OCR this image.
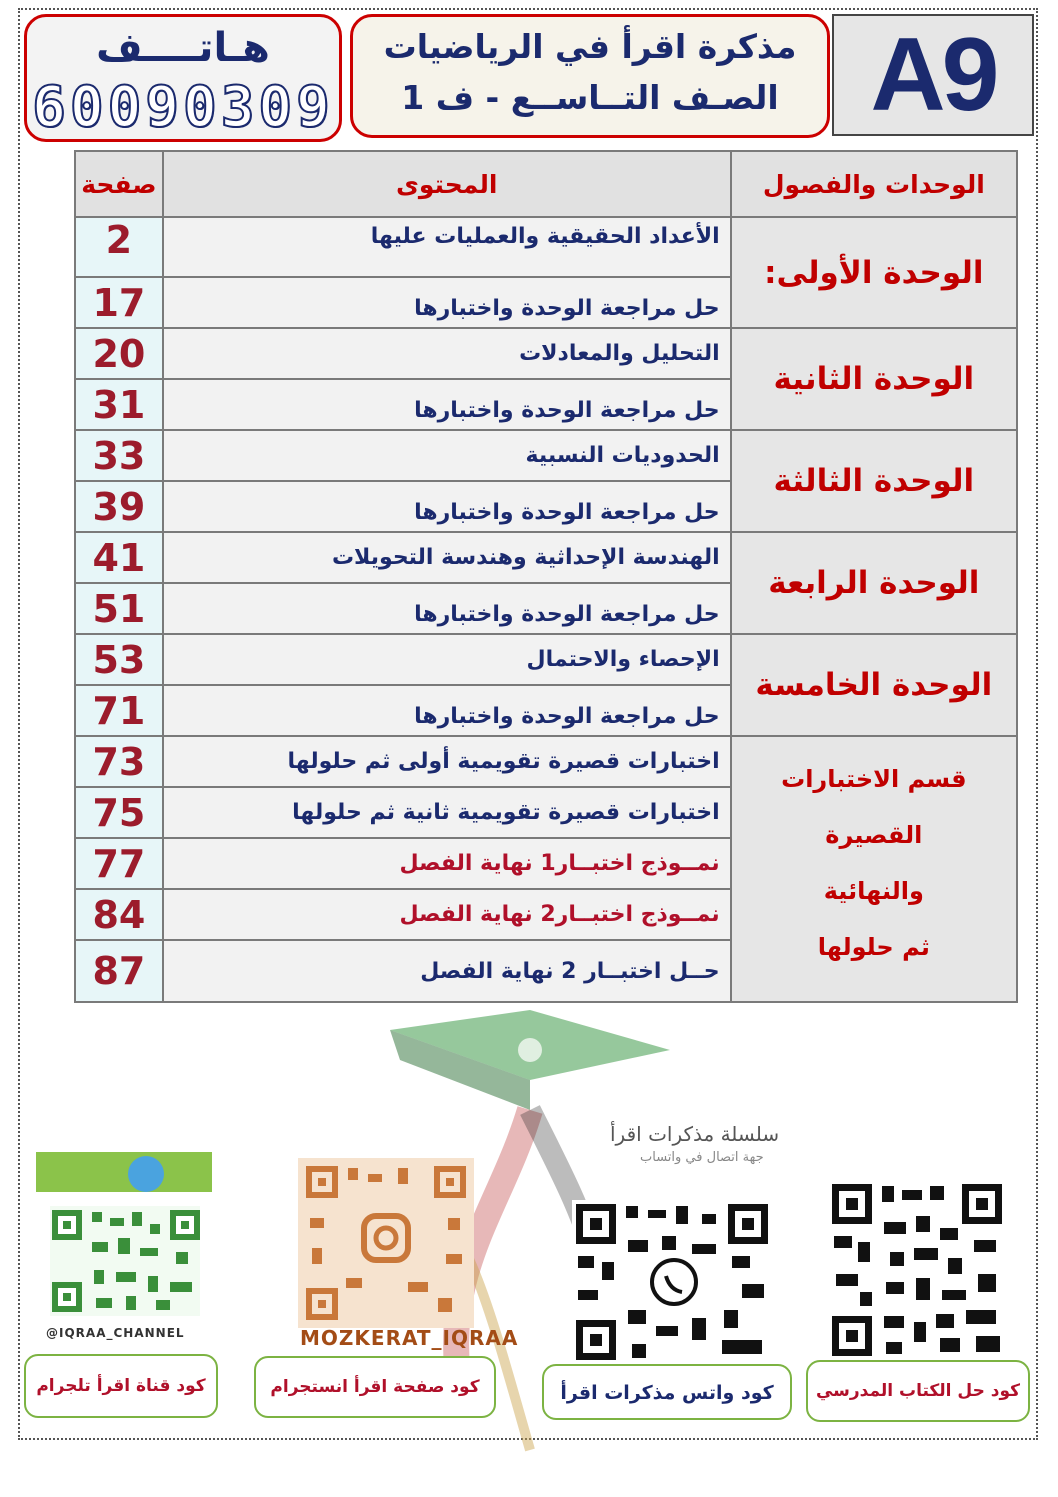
هـاتــــف
60090309
مذكرة اقرأ في الرياضيات
الصـف التــاســع - ف 1 A9
الوحدات والفصول	المحتوى	صفحة
الوحدة الأولى:	الأعداد الحقيقية والعمليات عليها	2
	حل مراجعة الوحدة واختبارها	17
الوحدة الثانية	التحليل والمعادلات	20
	حل مراجعة الوحدة واختبارها	31
الوحدة الثالثة	الحدوديات النسبية	33
	حل مراجعة الوحدة واختبارها	39
الوحدة الرابعة	الهندسة الإحداثية وهندسة التحويلات	41
	حل مراجعة الوحدة واختبارها	51
الوحدة الخامسة	الإحصاء والاحتمال	53
	حل مراجعة الوحدة واختبارها	71

قسم الاختبارات القصيرة
والنهائية
ثم حلولها	اختبارات قصيرة تقويمية أولى ثم حلولها	73
	اختبارات قصيرة تقويمية ثانية ثم حلولها	75
	نمــوذج اختبــار1 نهاية الفصل	77
	نمــوذج اختبــار2 نهاية الفصل	84
	حــل اختبــار 2 نهاية الفصل	87
سلسلة مذكرات اقرأ
جهة اتصال في واتساب
@IQRAA_CHANNEL	MOZKERAT_IQRAA
كود قناة اقرأ تلجرام	كود صفحة اقرأ انستجرام	كود واتس مذكرات اقرأ	كود حل الكتاب المدرسي
